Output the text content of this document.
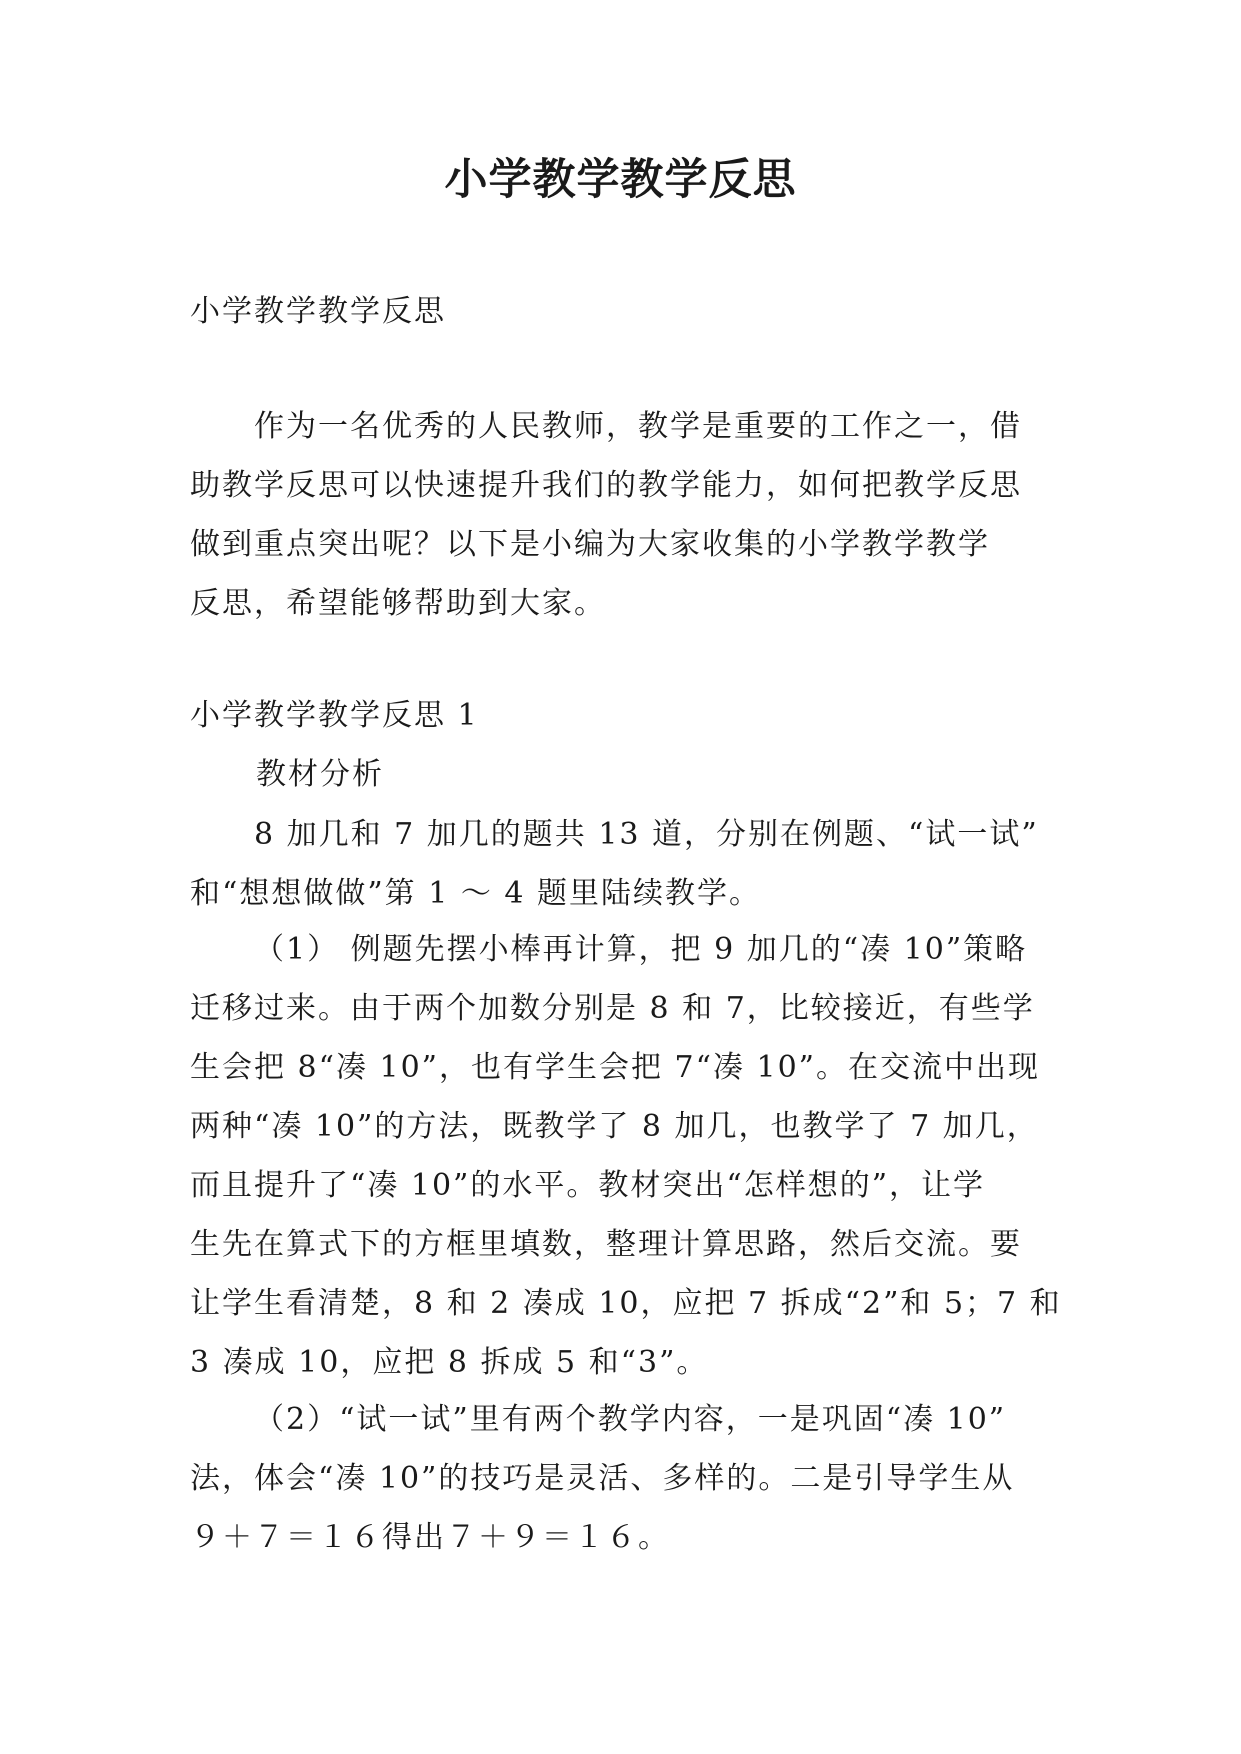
小学教学教学反思

小学教学教学反思

作为一名优秀的人民教师，教学是重要的工作之一，借
助教学反思可以快速提升我们的教学能力，如何把教学反思
做到重点突出呢？以下是小编为大家收集的小学教学教学
反思，希望能够帮助到大家。

小学教学教学反思 1

教材分析

8 加几和 7 加几的题共 13 道，分别在例题、“试一试”
和“想想做做”第 1 ～ 4 题里陆续教学。
（1） 例题先摆小棒再计算，把 9 加几的“凑 10”策略
迁移过来。由于两个加数分别是 8 和 7，比较接近，有些学
生会把 8“凑 10”，也有学生会把 7“凑 10”。在交流中出现
两种“凑 10”的方法，既教学了 8 加几，也教学了 7 加几，
而且提升了“凑 10”的水平。教材突出“怎样想的”，让学
生先在算式下的方框里填数，整理计算思路，然后交流。要
让学生看清楚，8 和 2 凑成 10，应把 7 拆成“2”和 5；7 和
3 凑成 10，应把 8 拆成 5 和“3”。
（2）“试一试”里有两个教学内容，一是巩固“凑 10”
法，体会“凑 10”的技巧是灵活、多样的。二是引导学生从
９＋７＝１６得出７＋９＝１６。
